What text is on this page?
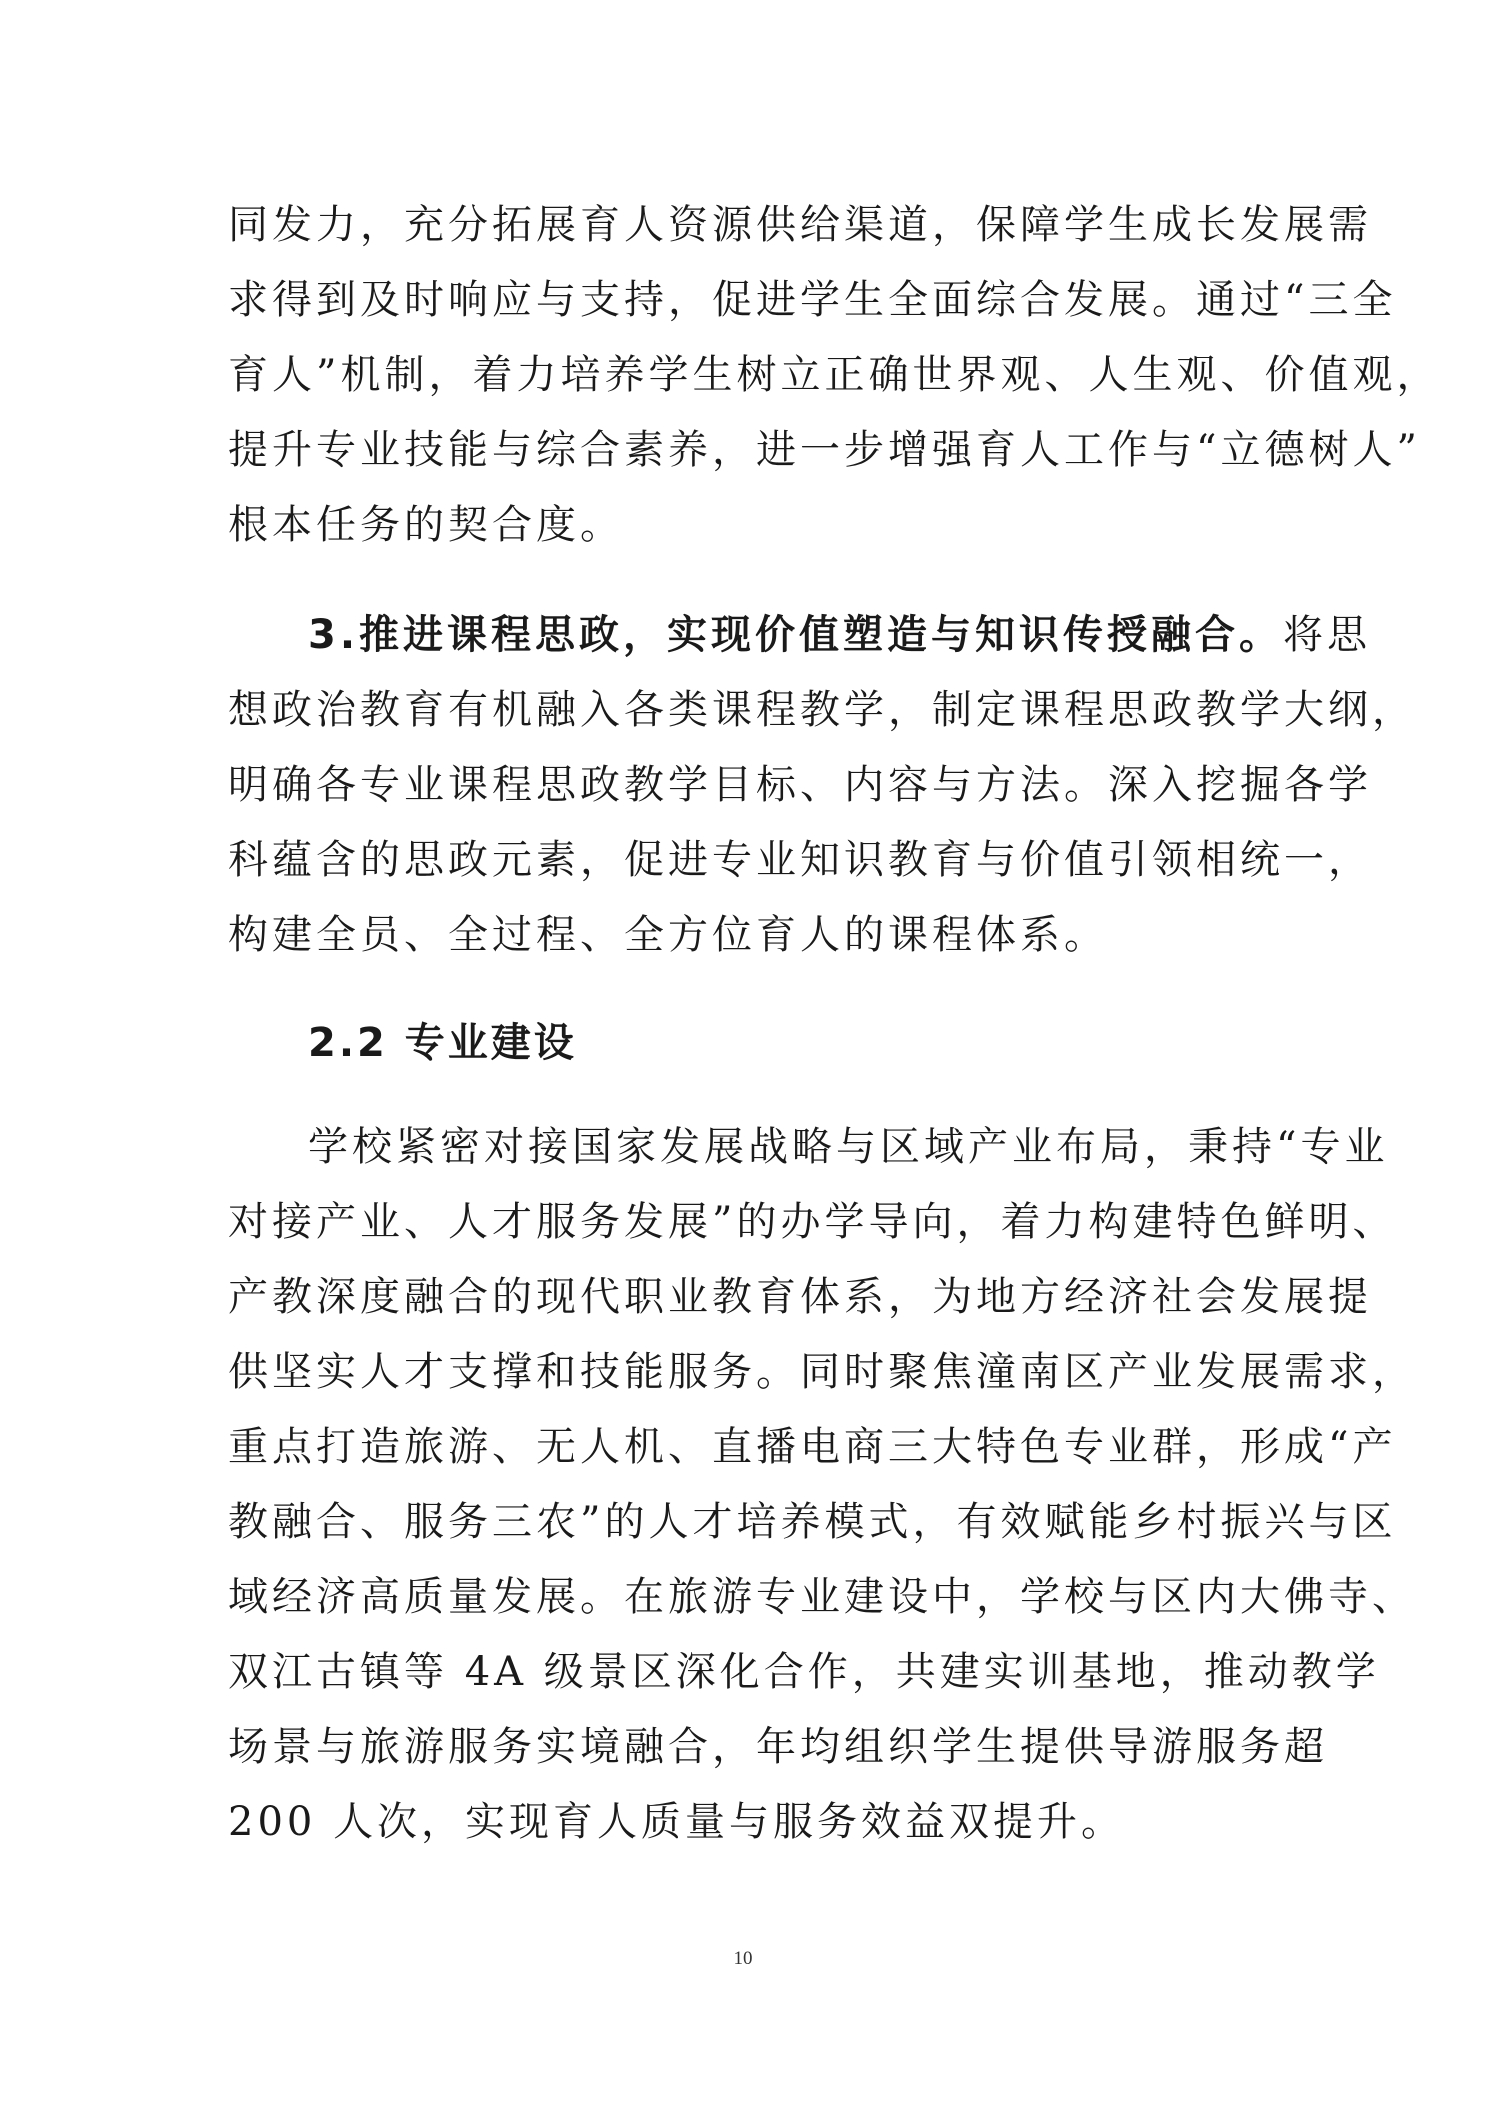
同发力，充分拓展育人资源供给渠道，保障学生成长发展需
求得到及时响应与支持，促进学生全面综合发展。通过“三全
育人”机制，着力培养学生树立正确世界观、人生观、价值观，
提升专业技能与综合素养，进一步增强育人工作与“立德树人”
根本任务的契合度。
3.推进课程思政，实现价值塑造与知识传授融合。将思
想政治教育有机融入各类课程教学，制定课程思政教学大纲，
明确各专业课程思政教学目标、内容与方法。深入挖掘各学
科蕴含的思政元素，促进专业知识教育与价值引领相统一，
构建全员、全过程、全方位育人的课程体系。
2.2 专业建设
学校紧密对接国家发展战略与区域产业布局，秉持“专业
对接产业、人才服务发展”的办学导向，着力构建特色鲜明、
产教深度融合的现代职业教育体系，为地方经济社会发展提
供坚实人才支撑和技能服务。同时聚焦潼南区产业发展需求，
重点打造旅游、无人机、直播电商三大特色专业群，形成“产
教融合、服务三农”的人才培养模式，有效赋能乡村振兴与区
域经济高质量发展。在旅游专业建设中，学校与区内大佛寺、
双江古镇等 4A 级景区深化合作，共建实训基地，推动教学
场景与旅游服务实境融合，年均组织学生提供导游服务超
200 人次，实现育人质量与服务效益双提升。
10
